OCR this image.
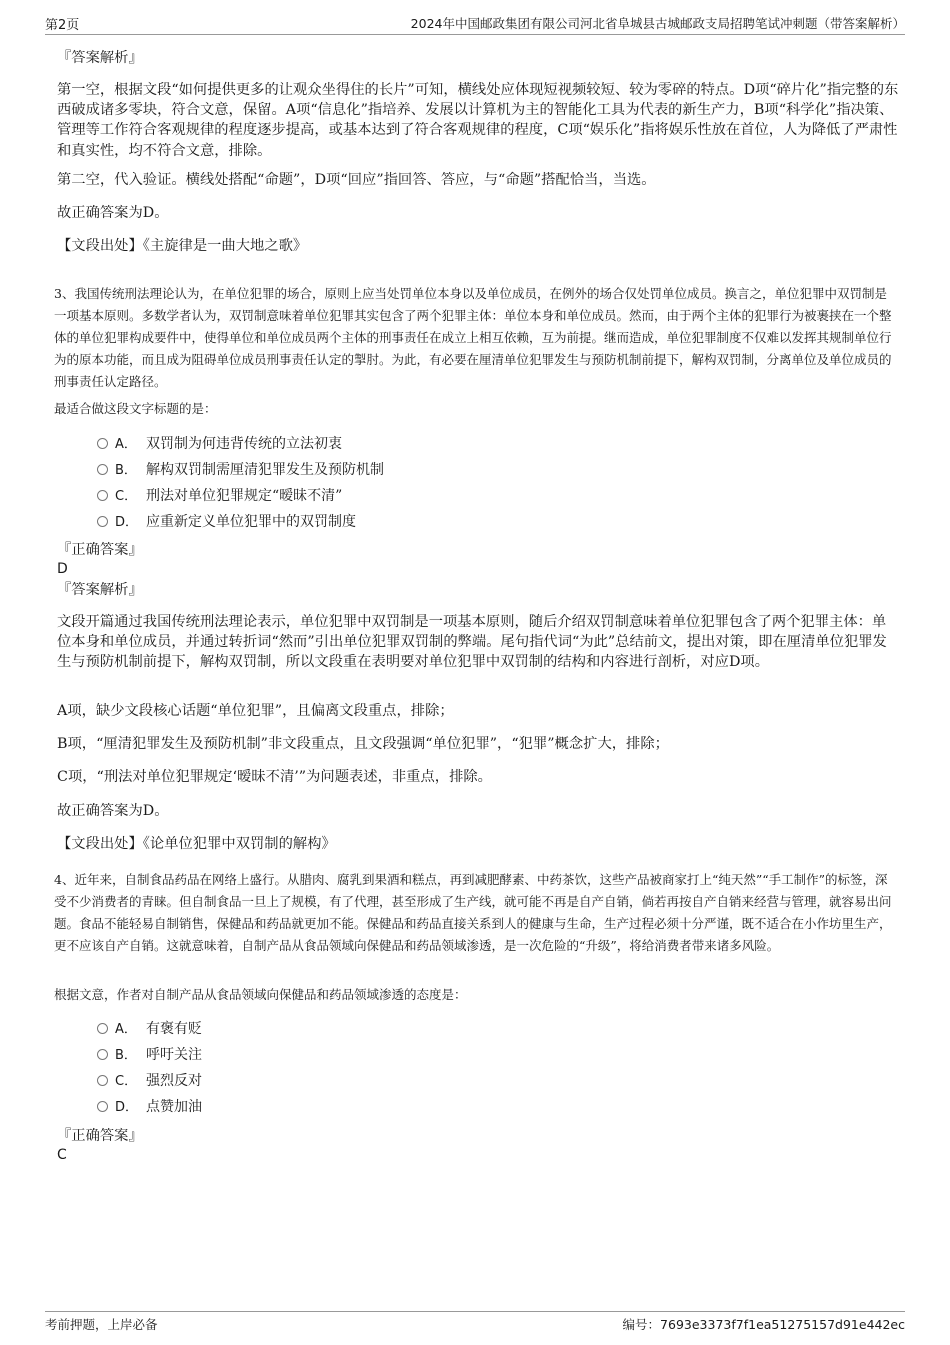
第2页	2024年中国邮政集团有限公司河北省阜城县古城邮政支局招聘笔试冲刺题（带答案解析）
『答案解析』
第一空，根据文段“如何提供更多的让观众坐得住的长片”可知，横线处应体现短视频较短、较为零碎的特点。D项“碎片化”指完整的东西破成诸多零块，符合文意，保留。A项“信息化”指培养、发展以计算机为主的智能化工具为代表的新生产力，B项“科学化”指决策、管理等工作符合客观规律的程度逐步提高，或基本达到了符合客观规律的程度，C项“娱乐化”指将娱乐性放在首位，人为降低了严肃性和真实性，均不符合文意，排除。
第二空，代入验证。横线处搭配“命题”，D项“回应”指回答、答应，与“命题”搭配恰当，当选。
故正确答案为D。
【文段出处】《主旋律是一曲大地之歌》
3、我国传统刑法理论认为，在单位犯罪的场合，原则上应当处罚单位本身以及单位成员，在例外的场合仅处罚单位成员。换言之，单位犯罪中双罚制是一项基本原则。多数学者认为，双罚制意味着单位犯罪其实包含了两个犯罪主体：单位本身和单位成员。然而，由于两个主体的犯罪行为被裹挟在一个整体的单位犯罪构成要件中，使得单位和单位成员两个主体的刑事责任在成立上相互依赖，互为前提。继而造成，单位犯罪制度不仅难以发挥其规制单位行为的原本功能，而且成为阻碍单位成员刑事责任认定的掣肘。为此，有必要在厘清单位犯罪发生与预防机制前提下，解构双罚制，分离单位及单位成员的刑事责任认定路径。
最适合做这段文字标题的是：
A． 双罚制为何违背传统的立法初衷
B． 解构双罚制需厘清犯罪发生及预防机制
C． 刑法对单位犯罪规定“暧昧不清”
D． 应重新定义单位犯罪中的双罚制度
『正确答案』
D
『答案解析』
文段开篇通过我国传统刑法理论表示，单位犯罪中双罚制是一项基本原则，随后介绍双罚制意味着单位犯罪包含了两个犯罪主体：单位本身和单位成员，并通过转折词“然而”引出单位犯罪双罚制的弊端。尾句指代词“为此”总结前文，提出对策，即在厘清单位犯罪发生与预防机制前提下，解构双罚制，所以文段重在表明要对单位犯罪中双罚制的结构和内容进行剖析，对应D项。
A项，缺少文段核心话题“单位犯罪”，且偏离文段重点，排除；
B项，“厘清犯罪发生及预防机制”非文段重点，且文段强调“单位犯罪”，“犯罪”概念扩大，排除；
C项，“刑法对单位犯罪规定‘暧昧不清’”为问题表述，非重点，排除。
故正确答案为D。
【文段出处】《论单位犯罪中双罚制的解构》
4、近年来，自制食品药品在网络上盛行。从腊肉、腐乳到果酒和糕点，再到减肥酵素、中药茶饮，这些产品被商家打上“纯天然”“手工制作”的标签，深受不少消费者的青睐。但自制食品一旦上了规模，有了代理，甚至形成了生产线，就可能不再是自产自销，倘若再按自产自销来经营与管理，就容易出问题。食品不能轻易自制销售，保健品和药品就更加不能。保健品和药品直接关系到人的健康与生命，生产过程必须十分严谨，既不适合在小作坊里生产，更不应该自产自销。这就意味着，自制产品从食品领域向保健品和药品领域渗透，是一次危险的“升级”，将给消费者带来诸多风险。
根据文意，作者对自制产品从食品领域向保健品和药品领域渗透的态度是：
A． 有褒有贬
B． 呼吁关注
C． 强烈反对
D． 点赞加油
『正确答案』
C
考前押题，上岸必备	编号：7693e3373f7f1ea51275157d91e442ec
